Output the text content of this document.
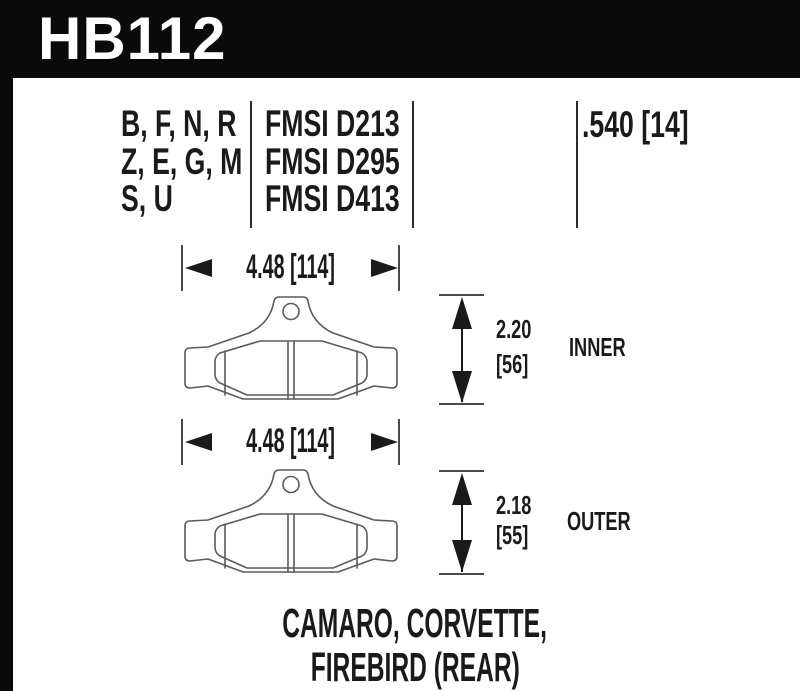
HB112
B, F, N, R
Z, E, G, M
S, U
FMSI D213
FMSI D295
FMSI D413
.540 [14]
4.48 [114]
2.20
[56]
INNER
4.48 [114]
2.18
[55]	OUTER
CAMARO, CORVETTE,
FIREBIRD (REAR)
